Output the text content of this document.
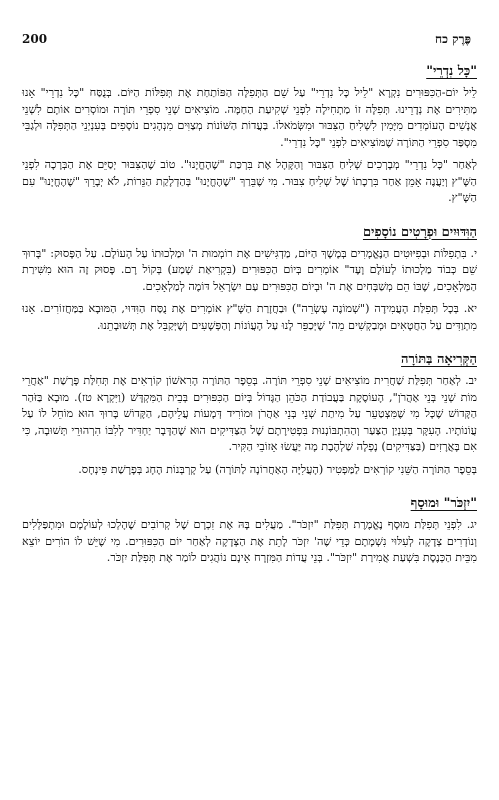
200	פֶּרֶק כח
"כָּל נִדְרֵי"

לֵיל יוֹם-הַכִּפּוּרִים נִקְרָא "לֵיל כָּל נִדְרֵי" עַל שֵׁם הַתְּפִלָּה הַפּוֹתַחַת אֶת תְּפִלּוֹת הַיּוֹם. בְּנֻסַּח "כָּל נִדְרֵי" אָנוּ מַתִּירִים אֶת נְדָרֵינוּ. תְּפִלָּה זוֹ מַתְחִילָה לִפְנֵי שְׁקִיעַת הַחַמָּה. מוֹצִיאִים שְׁנֵי סִפְרֵי תּוֹרָה וּמוֹסְרִים אוֹתָם לִשְׁנֵי אֲנָשִׁים הָעוֹמְדִים מִיָּמִין לִשְׁלִיחַ הַצִּבּוּר וּמִשְּׂמֹאלוֹ. בַּעֲדוֹת הַשּׁוֹנוֹת מְצַוִּים מִנְהָגִים נוֹסָפִים בְּעִנְיְנֵי הַתְּפִלָּה וּלְגַבֵּי מִסְפַּר סִפְרֵי הַתּוֹרָה שֶׁמּוֹצִיאִים לִפְנֵי "כָּל נִדְרֵי".

לְאַחַר "כָּל נִדְרֵי" מְבָרְכִים שְׁלִיחַ הַצִּבּוּר וְהַקָּהָל אֶת בִּרְכַּת "שֶׁהֶחֱיָנוּ". טוֹב שֶׁהַצִּבּוּר יְסַיֵּם אֶת הַבְּרָכָה לִפְנֵי הַשָּׁ"ץ וְיַעֲנֶה אָמֵן אַחַר בִּרְכָתוֹ שֶׁל שְׁלִיחַ צִבּוּר. מִי שֶׁבֵּרַךְ "שֶׁהֶחֱיָנוּ" בְּהַדְלָקַת הַנֵּרוֹת, לֹא יְבָרֵךְ "שֶׁהֶחֱיָנוּ" עִם הַשָּׁ"ץ.

הַוִּדּוּיִים וּפְרָטִים נוֹסָפִים

י. בִּתְפִלּוֹת וּבְפִיּוּטִים הַנֶּאֱמָרִים בְּמֶשֶׁךְ הַיּוֹם, מַדְגִּישִׁים אֶת רוֹמְמוּת ה' וּמַלְכוּתוֹ עַל הָעוֹלָם. עַל הַפָּסוּק: "בָּרוּךְ שֵׁם כְּבוֹד מַלְכוּתוֹ לְעוֹלָם וָעֶד" אוֹמְרִים בְּיוֹם הַכִּפּוּרִים (בִּקְרִיאַת שְׁמַע) בְּקוֹל רָם. פָּסוּק זֶה הוּא מִשִּׁירַת הַמַּלְאָכִים, שֶׁבּוֹ הֵם מְשַׁבְּחִים אֶת ה' וּבְיוֹם הַכִּפּוּרִים עַם יִשְׂרָאֵל דּוֹמֶה לְמַלְאָכִים.

יא. בְּכָל תְּפִלַּת הָעֲמִידָה ("שְׁמוֹנֶה עֶשְׂרֵה") וּבַחֲזָרַת הַשָּׁ"ץ אוֹמְרִים אֶת נֻסַּח הַוִּדּוּי, הַמּוּבָא בַּמַּחֲזוֹרִים. אָנוּ מִתְוַדִּים עַל הַחֲטָאִים וּמְבַקְשִׁים מֵה' שֶׁיְּכַפֵּר לָנוּ עַל הָעֲוֹנוֹת וְהַפְּשָׁעִים וְשֶׁיְּקַבֵּל אֶת תְּשׁוּבָתֵנוּ.

הַקְּרִיאָה בַּתּוֹרָה

יב. לְאַחַר תְּפִלַּת שַׁחֲרִית מוֹצִיאִים שְׁנֵי סִפְרֵי תּוֹרָה. בְּסֵפֶר הַתּוֹרָה הָרִאשׁוֹן קוֹרְאִים אֶת תְּחִלַּת פָּרָשַׁת "אַחֲרֵי מוֹת שְׁנֵי בְּנֵי אַהֲרֹן", הָעוֹסֶקֶת בַּעֲבוֹדַת הַכֹּהֵן הַגָּדוֹל בְּיוֹם הַכִּפּוּרִים בְּבֵית הַמִּקְדָּשׁ (וַיִּקְרָא טז). מוּבָא בַּזֹּהַר הַקָּדוֹשׁ שֶׁכָּל מִי שֶׁמִּצְטַעֵר עַל מִיתַת שְׁנֵי בְּנֵי אַהֲרֹן וּמוֹרִיד דְּמָעוֹת עֲלֵיהֶם, הַקָּדוֹשׁ בָּרוּךְ הוּא מוֹחֵל לוֹ עַל עֲוֹנוֹתָיו. הָעִקָּר בְּעִנְיַן הַצַּעַר וְהַהִתְבּוֹנְנוּת בִּפְטִירָתָם שֶׁל הַצַּדִּיקִים הוּא שֶׁהַדָּבָר יַחְדִּיר לְלִבּוֹ הִרְהוּרֵי תְּשׁוּבָה, כִּי אִם בָּאֲרָזִים (בַּצַּדִּיקִים) נָפְלָה שַׁלְהֶבֶת מָה יַּעֲשׂוּ אֵזוֹבֵי הַקִּיר.

בְּסֵפֶר הַתּוֹרָה הַשֵּׁנִי קוֹרְאִים לַמַּפְטִיר (הָעֲלִיָּה הָאַחֲרוֹנָה לַתּוֹרָה) עַל קָרְבְּנוֹת הֶחָג בְּפָרָשַׁת פִּינְחָס.

"יִזְכֹּר" וּמוּסָף

יג. לִפְנֵי תְּפִלַּת מוּסָף נֶאֱמֶרֶת תְּפִלַּת "יִזְכֹּר". מַעֲלִים בָּהּ אֶת זִכְרָם שֶׁל קְרוֹבִים שֶׁהָלְכוּ לְעוֹלָמָם וּמִתְפַּלְּלִים וְנוֹדְרִים צְדָקָה לְעִלּוּי נִשְׁמָתָם כְּדֵי שֶׁה' יִזְכֹּר לָתֵת אֶת הַצְּדָקָה לְאַחַר יוֹם הַכִּפּוּרִים. מִי שֶׁיֵּשׁ לוֹ הוֹרִים יוֹצֵא מִבֵּית הַכְּנֶסֶת בִּשְׁעַת אֲמִירַת "יִזְכֹּר". בְּנֵי עֲדוֹת הַמִּזְרָח אֵינָם נוֹהֲגִים לוֹמַר אֶת תְּפִלַּת יִזְכֹּר.
